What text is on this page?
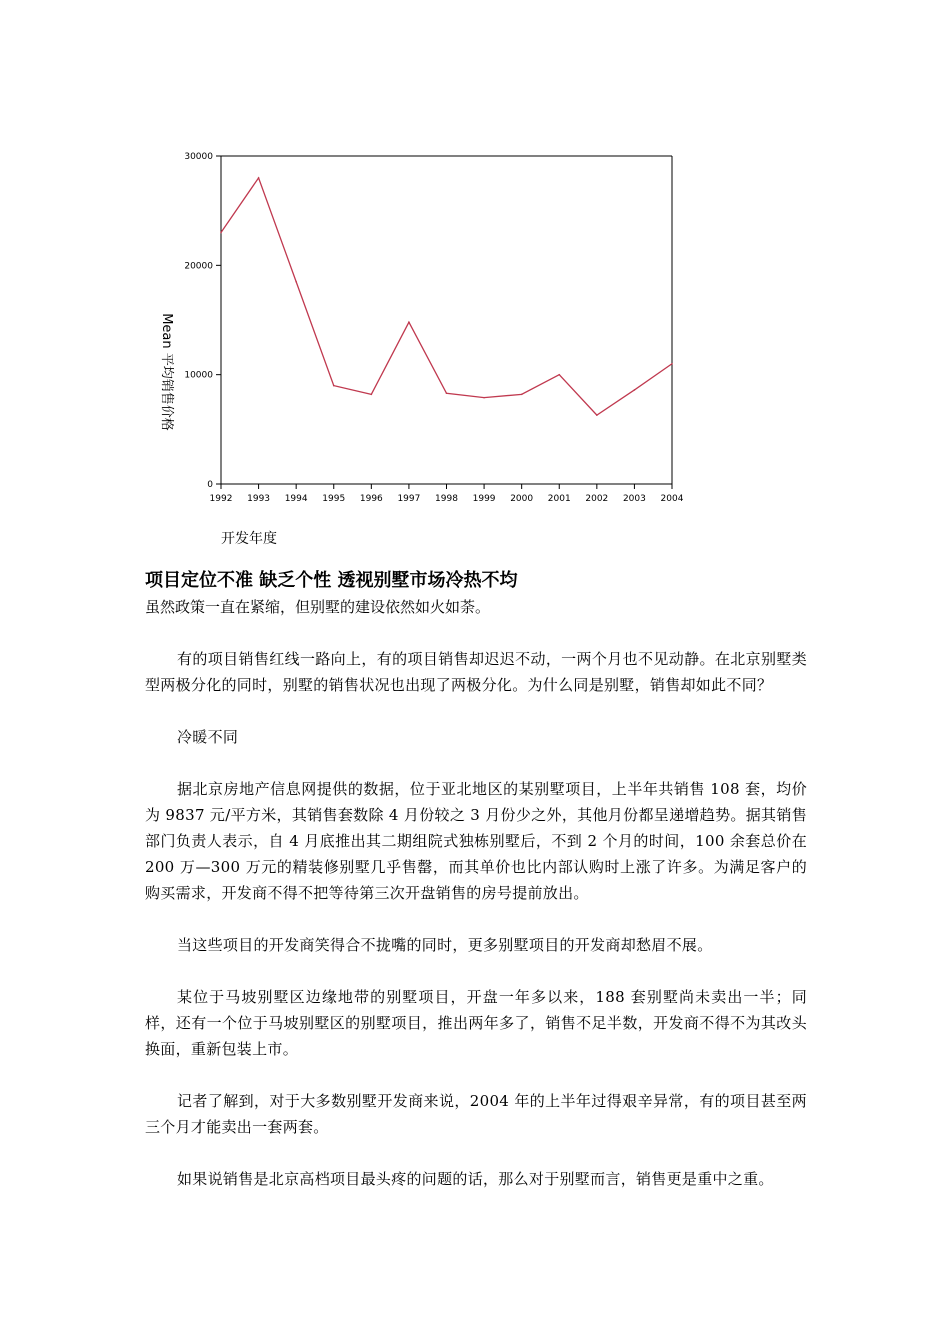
0
10000
20000
30000
1992 1993 1994 1995 1996 1997 1998 1999 2000 2001 2002 2003 2004
开发年度
Mean 平均销售价格

项目定位不准 缺乏个性 透视别墅市场冷热不均

虽然政策一直在紧缩，但别墅的建设依然如火如荼。

有的项目销售红线一路向上，有的项目销售却迟迟不动，一两个月也不见动静。在北京别墅类型两极分化的同时，别墅的销售状况也出现了两极分化。为什么同是别墅，销售却如此不同？

冷暖不同

据北京房地产信息网提供的数据，位于亚北地区的某别墅项目，上半年共销售 108 套，均价为 9837 元/平方米，其销售套数除 4 月份较之 3 月份少之外，其他月份都呈递增趋势。据其销售部门负责人表示，自 4 月底推出其二期组院式独栋别墅后，不到 2 个月的时间，100 余套总价在 200 万—300 万元的精装修别墅几乎售罄，而其单价也比内部认购时上涨了许多。为满足客户的购买需求，开发商不得不把等待第三次开盘销售的房号提前放出。

当这些项目的开发商笑得合不拢嘴的同时，更多别墅项目的开发商却愁眉不展。

某位于马坡别墅区边缘地带的别墅项目，开盘一年多以来，188 套别墅尚未卖出一半；同样，还有一个位于马坡别墅区的别墅项目，推出两年多了，销售不足半数，开发商不得不为其改头换面，重新包装上市。

记者了解到，对于大多数别墅开发商来说，2004 年的上半年过得艰辛异常，有的项目甚至两三个月才能卖出一套两套。

如果说销售是北京高档项目最头疼的问题的话，那么对于别墅而言，销售更是重中之重。
